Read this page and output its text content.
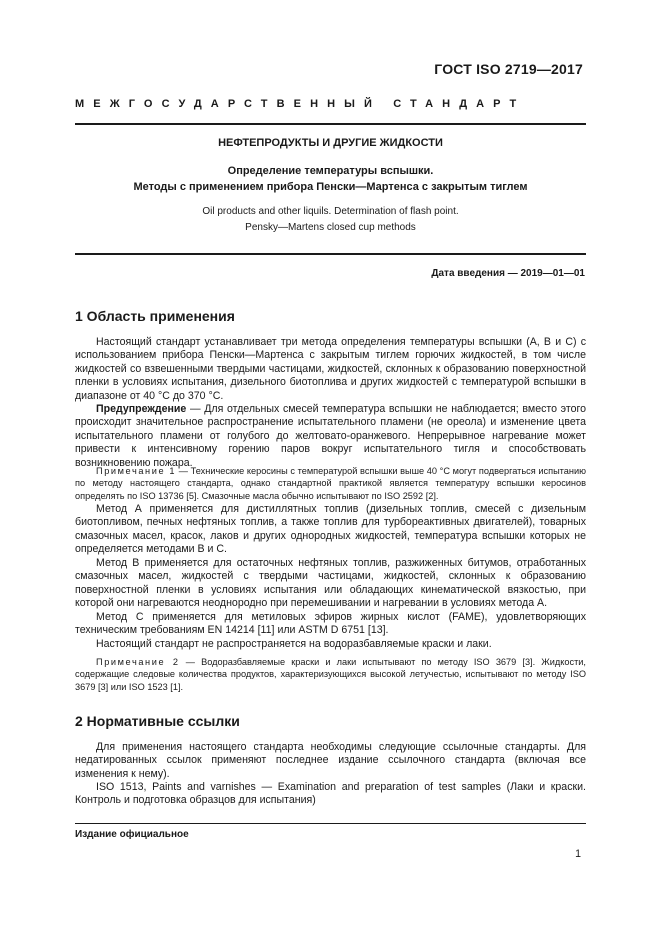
ГОСТ ISO 2719—2017
МЕЖГОСУДАРСТВЕННЫЙ СТАНДАРТ
НЕФТЕПРОДУКТЫ И ДРУГИЕ ЖИДКОСТИ
Определение температуры вспышки.
Методы с применением прибора Пенски—Мартенса с закрытым тиглем
Oil products and other liquils. Determination of flash point.
Pensky—Martens closed cup methods
Дата введения — 2019—01—01
1 Область применения
Настоящий стандарт устанавливает три метода определения температуры вспышки (А, В и С) с использованием прибора Пенски—Мартенса с закрытым тиглем горючих жидкостей, в том числе жидкостей со взвешенными твердыми частицами, жидкостей, склонных к образованию поверхностной пленки в условиях испытания, дизельного биотоплива и других жидкостей с температурой вспышки в диапазоне от 40 °С до 370 °С.
Предупреждение — Для отдельных смесей температура вспышки не наблюдается; вместо этого происходит значительное распространение испытательного пламени (не ореола) и изменение цвета испытательного пламени от голубого до желтовато-оранжевого. Непрерывное нагревание может привести к интенсивному горению паров вокруг испытательного тигля и способствовать возникновению пожара.
Примечание 1 — Технические керосины с температурой вспышки выше 40 °С могут подвергаться испытанию по методу настоящего стандарта, однако стандартной практикой является температуру вспышки керосинов определять по ISO 13736 [5]. Смазочные масла обычно испытывают по ISO 2592 [2].
Метод А применяется для дистиллятных топлив (дизельных топлив, смесей с дизельным биотопливом, печных нефтяных топлив, а также топлив для турбореактивных двигателей), товарных смазочных масел, красок, лаков и других однородных жидкостей, температура вспышки которых не определяется методами В и С.
Метод В применяется для остаточных нефтяных топлив, разжиженных битумов, отработанных смазочных масел, жидкостей с твердыми частицами, жидкостей, склонных к образованию поверхностной пленки в условиях испытания или обладающих кинематической вязкостью, при которой они нагреваются неоднородно при перемешивании и нагревании в условиях метода А.
Метод С применяется для метиловых эфиров жирных кислот (FAME), удовлетворяющих техническим требованиям EN 14214 [11] или ASTM D 6751 [13].
Настоящий стандарт не распространяется на водоразбавляемые краски и лаки.
Примечание 2 — Водоразбавляемые краски и лаки испытывают по методу ISO 3679 [3]. Жидкости, содержащие следовые количества продуктов, характеризующихся высокой летучестью, испытывают по методу ISO 3679 [3] или ISO 1523 [1].
2 Нормативные ссылки
Для применения настоящего стандарта необходимы следующие ссылочные стандарты. Для недатированных ссылок применяют последнее издание ссылочного стандарта (включая все изменения к нему).
ISO 1513, Paints and varnishes — Examination and preparation of test samples (Лаки и краски. Контроль и подготовка образцов для испытания)
Издание официальное
1
